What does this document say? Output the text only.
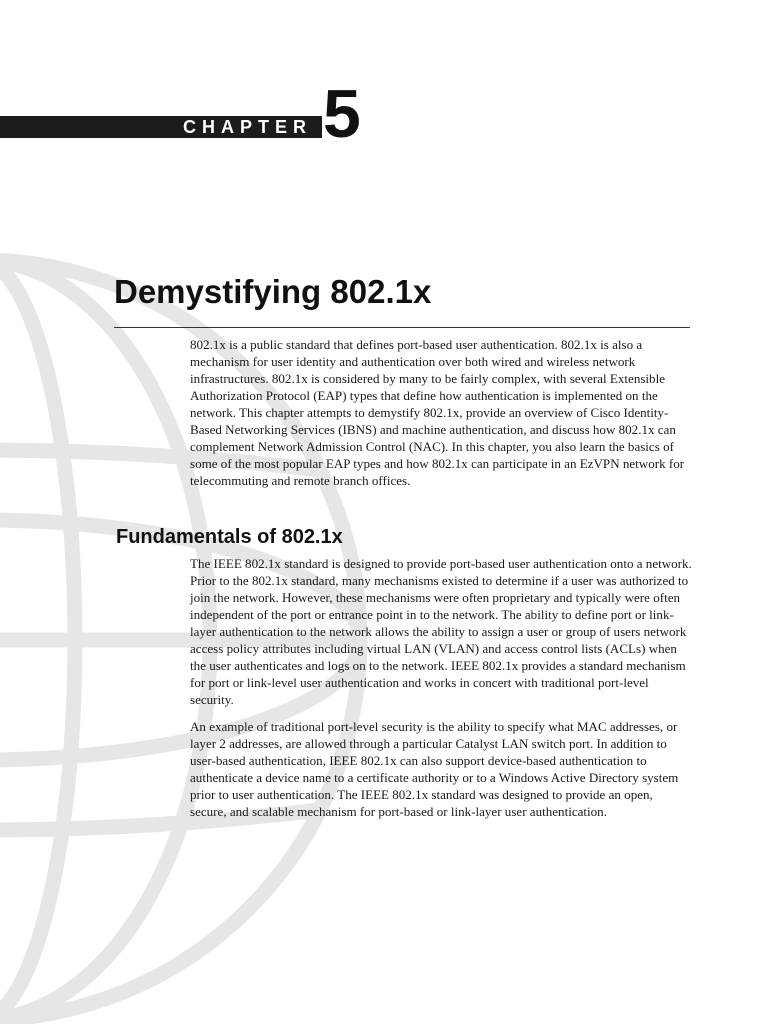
CHAPTER 5
Demystifying 802.1x

802.1x is a public standard that defines port-based user authentication. 802.1x is also a mechanism for user identity and authentication over both wired and wireless network infrastructures. 802.1x is considered by many to be fairly complex, with several Extensible Authorization Protocol (EAP) types that define how authentication is implemented on the network. This chapter attempts to demystify 802.1x, provide an overview of Cisco Identity-Based Networking Services (IBNS) and machine authentication, and discuss how 802.1x can complement Network Admission Control (NAC). In this chapter, you also learn the basics of some of the most popular EAP types and how 802.1x can participate in an EzVPN network for telecommuting and remote branch offices.

Fundamentals of 802.1x

The IEEE 802.1x standard is designed to provide port-based user authentication onto a network. Prior to the 802.1x standard, many mechanisms existed to determine if a user was authorized to join the network. However, these mechanisms were often proprietary and typically were often independent of the port or entrance point in to the network. The ability to define port or link-layer authentication to the network allows the ability to assign a user or group of users network access policy attributes including virtual LAN (VLAN) and access control lists (ACLs) when the user authenticates and logs on to the network. IEEE 802.1x provides a standard mechanism for port or link-level user authentication and works in concert with traditional port-level security.

An example of traditional port-level security is the ability to specify what MAC addresses, or layer 2 addresses, are allowed through a particular Catalyst LAN switch port. In addition to user-based authentication, IEEE 802.1x can also support device-based authentication to authenticate a device name to a certificate authority or to a Windows Active Directory system prior to user authentication. The IEEE 802.1x standard was designed to provide an open, secure, and scalable mechanism for port-based or link-layer user authentication.
